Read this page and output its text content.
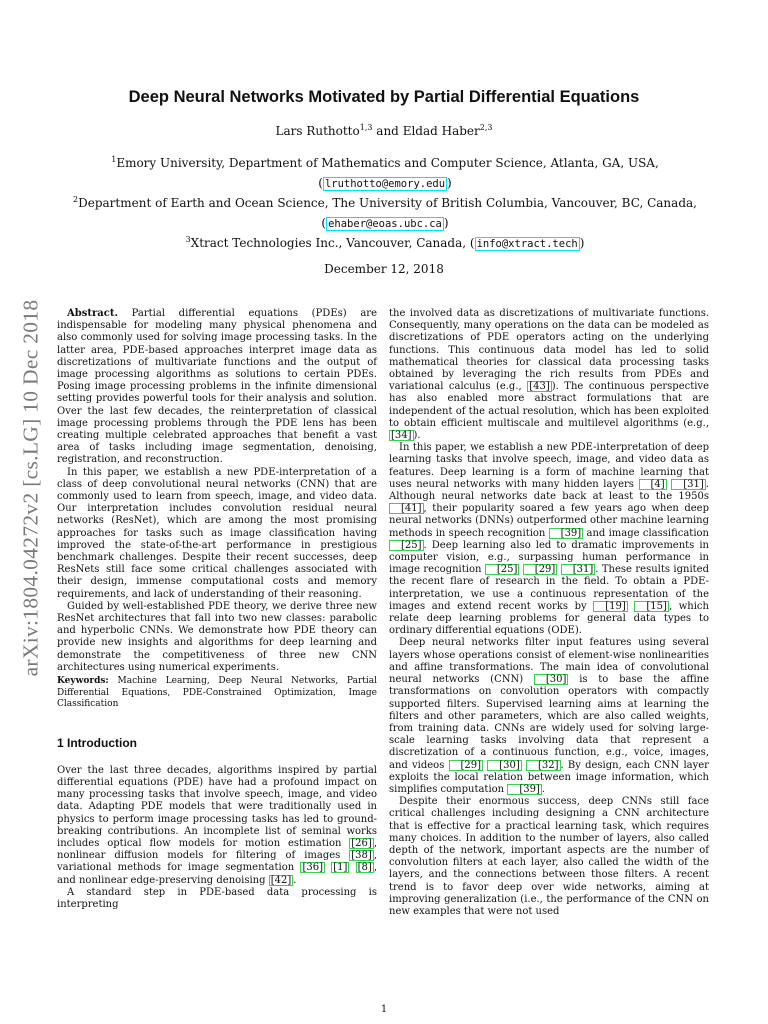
arXiv:1804.04272v2 [cs.LG] 10 Dec 2018
Deep Neural Networks Motivated by Partial Differential Equations
Lars Ruthotto$^{1,3}$ and Eldad Haber$^{2,3}$
$^1$Emory University, Department of Mathematics and Computer Science, Atlanta, GA, USA,
( lruthotto@emory.edu )
$^2$Department of Earth and Ocean Science, The University of British Columbia, Vancouver, BC, Canada,
( ehaber@eoas.ubc.ca )
$^3$Xtract Technologies Inc., Vancouver, Canada, ( info@xtract.tech )
December 12, 2018

Abstract. Partial differential equations (PDEs) are indispensable for modeling many physical phenomena and also commonly used for solving image processing tasks. In the latter area, PDE-based approaches interpret image data as discretizations of multivariate functions and the output of image processing algorithms as solutions to certain PDEs. Posing image processing problems in the infinite dimensional setting provides powerful tools for their analysis and solution. Over the last few decades, the reinterpretation of classical image processing problems through the PDE lens has been creating multiple celebrated approaches that benefit a vast area of tasks including image segmentation, denoising, registration, and reconstruction.

In this paper, we establish a new PDE-interpretation of a class of deep convolutional neural networks (CNN) that are commonly used to learn from speech, image, and video data. Our interpretation includes convolution residual neural networks (ResNet), which are among the most promising approaches for tasks such as image classification having improved the state-of-the-art performance in prestigious benchmark challenges. Despite their recent successes, deep ResNets still face some critical challenges associated with their design, immense computational costs and memory requirements, and lack of understanding of their reasoning.

Guided by well-established PDE theory, we derive three new ResNet architectures that fall into two new classes: parabolic and hyperbolic CNNs. We demonstrate how PDE theory can provide new insights and algorithms for deep learning and demonstrate the competitiveness of three new CNN architectures using numerical experiments.

Keywords: Machine Learning, Deep Neural Networks, Partial Differential Equations, PDE-Constrained Optimization, Image Classification

1 Introduction

Over the last three decades, algorithms inspired by partial differential equations (PDE) have had a profound impact on many processing tasks that involve speech, image, and video data. Adapting PDE models that were traditionally used in physics to perform image processing tasks has led to ground-breaking contributions. An incomplete list of seminal works includes optical flow models for motion estimation [26] , nonlinear diffusion models for filtering of images [38] , variational methods for image segmentation [36] [1] [8] , and nonlinear edge-preserving denoising [42] .

A standard step in PDE-based data processing is interpreting

the involved data as discretizations of multivariate functions. Consequently, many operations on the data can be modeled as discretizations of PDE operators acting on the underlying functions. This continuous data model has led to solid mathematical theories for classical data processing tasks obtained by leveraging the rich results from PDEs and variational calculus (e.g., [43] ). The continuous perspective has also enabled more abstract formulations that are independent of the actual resolution, which has been exploited to obtain efficient multiscale and multilevel algorithms (e.g., [34] ).

In this paper, we establish a new PDE-interpretation of deep learning tasks that involve speech, image, and video data as features. Deep learning is a form of machine learning that uses neural networks with many hidden layers [4] [31] . Although neural networks date back at least to the 1950s [41] , their popularity soared a few years ago when deep neural networks (DNNs) outperformed other machine learning methods in speech recognition [39] and image classification [25] . Deep learning also led to dramatic improvements in computer vision, e.g., surpassing human performance in image recognition [25] [29] [31] . These results ignited the recent flare of research in the field. To obtain a PDE-interpretation, we use a continuous representation of the images and extend recent works by [19] [15] , which relate deep learning problems for general data types to ordinary differential equations (ODE).

Deep neural networks filter input features using several layers whose operations consist of element-wise nonlinearities and affine transformations. The main idea of convolutional neural networks (CNN) [30] is to base the affine transformations on convolution operators with compactly supported filters. Supervised learning aims at learning the filters and other parameters, which are also called weights, from training data. CNNs are widely used for solving large-scale learning tasks involving data that represent a discretization of a continuous function, e.g., voice, images, and videos [29] [30] [32] . By design, each CNN layer exploits the local relation between image information, which simplifies computation [39] .

Despite their enormous success, deep CNNs still face critical challenges including designing a CNN architecture that is effective for a practical learning task, which requires many choices. In addition to the number of layers, also called depth of the network, important aspects are the number of convolution filters at each layer, also called the width of the layers, and the connections between those filters. A recent trend is to favor deep over wide networks, aiming at improving generalization (i.e., the performance of the CNN on new examples that were not used

1
